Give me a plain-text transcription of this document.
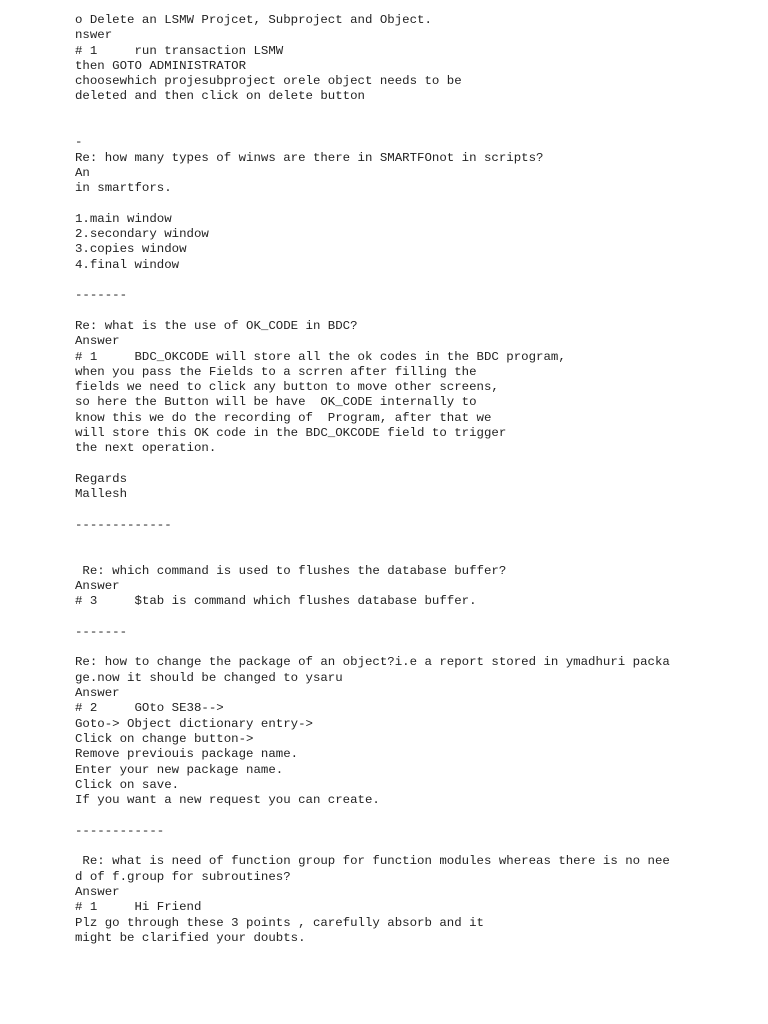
o Delete an LSMW Projcet, Subproject and Object.
nswer
# 1     run transaction LSMW
then GOTO ADMINISTRATOR
choosewhich projesubproject orele object needs to be
deleted and then click on delete button
-
Re: how many types of winws are there in SMARTFOnot in scripts?
An
in smartfors.
1.main window
2.secondary window
3.copies window
4.final window
-------
Re: what is the use of OK_CODE in BDC?
Answer
# 1     BDC_OKCODE will store all the ok codes in the BDC program,
when you pass the Fields to a scrren after filling the
fields we need to click any button to move other screens,
so here the Button will be have  OK_CODE internally to
know this we do the recording of  Program, after that we
will store this OK code in the BDC_OKCODE field to trigger
the next operation.
Regards
Mallesh
-------------
Re: which command is used to flushes the database buffer?
Answer
# 3     $tab is command which flushes database buffer.
-------
Re: how to change the package of an object?i.e a report stored in ymadhuri packa
ge.now it should be changed to ysaru
Answer
# 2     GOto SE38-->
Goto-> Object dictionary entry->
Click on change button->
Remove previouis package name.
Enter your new package name.
Click on save.
If you want a new request you can create.
------------
Re: what is need of function group for function modules whereas there is no nee
d of f.group for subroutines?
Answer
# 1     Hi Friend
Plz go through these 3 points , carefully absorb and it
might be clarified your doubts.
